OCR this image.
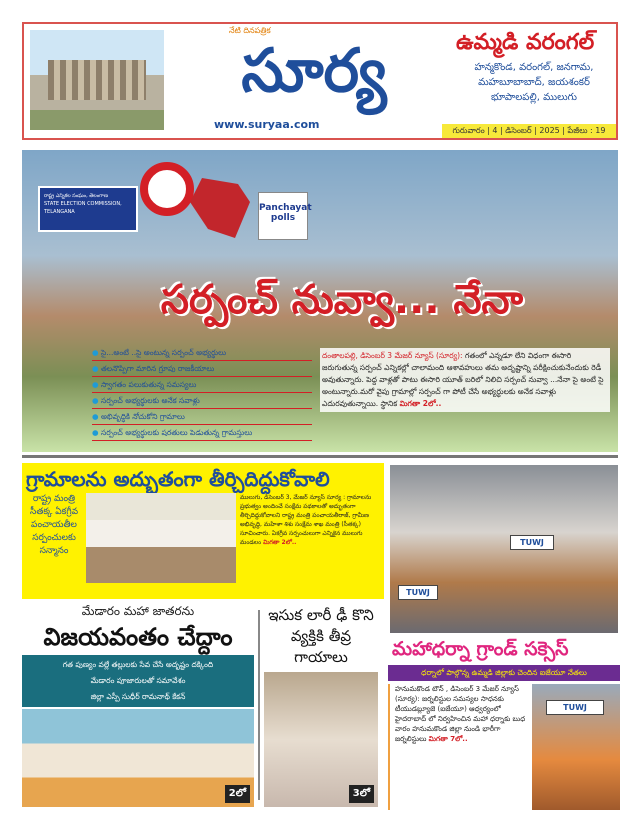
నేటి దినపత్రిక
సూర్య
www.suryaa.com
ఉమ్మడి వరంగల్
హన్మకొండ, వరంగల్, జనగామ, మహబూబాబాద్, జయశంకర్ భూపాలపల్లి, ములుగు
గురువారం | 4 | డిసెంబర్ | 2025 | పేజీలు : 19
రాష్ట్ర ఎన్నికల సంఘం, తెలంగాణ
STATE ELECTION COMMISSION, TELANGANA	Panchayat polls
సర్పంచ్ నువ్వా... నేనా
● సై...అంటే ..సై అంటున్న సర్పంచ్ అభ్యర్థులు
● తలనొప్పిగా మారిన గ్రూపు రాజకీయాలు
● స్వాగతం పలుకుతున్న సమస్యలు
● సర్పంచ్ అభ్యర్థులకు అనేక సవాళ్లు
● అభివృద్ధికి నోచుకోని గ్రామాలు
● సర్పంచ్ అభ్యర్థులకు షరతులు పెడుతున్న గ్రామస్తులు
దంతాలపల్లి, డిసెంబర్ 3 మేజర్ న్యూస్ (సూర్య): గతంలో ఎన్నడూ లేని విధంగా ఈసారి జరుగుతున్న సర్పంచ్ ఎన్నికల్లో చాలామంది ఆశావహులు తమ అదృష్టాన్ని పరీక్షించుకునేందుకు రెడీ అవుతున్నారు. పెద్ద వాళ్లతో పాటు ఈసారి యూత్ బరిలో నిలిచి సర్పంచ్ నువ్వా ...నేనా సై అంటే సై అంటున్నారు.మరో వైపు గ్రామాల్లో సర్పంచ్ గా పోటీ చేసే అభ్యర్థులకు అనేక సవాళ్లు ఎదురవుతున్నాయి. స్థానిక మిగతా 2లో..
గ్రామాలను అద్భుతంగా తీర్చిదిద్దుకోవాలి
రాష్ట్ర మంత్రి సీతక్క ఏకగ్రీవ పంచాయతీల సర్పంచులకు సన్మానం
ములుగు, డిసెంబర్ 3, మేజర్ న్యూస్ సూర్య : గ్రామాలను ప్రభుత్వం అందించే సంక్షేమ పథకాలతో అద్భుతంగా తీర్చిదిద్దుకోవాలని రాష్ట్ర మంత్రి పంచాయతీరాజ్, గ్రామీణ అభివృద్ధి, మహిళా శిశు సంక్షేమ శాఖ మంత్రి (సీతక్క) సూచించారు. ఏకగ్రీవ సర్పంచులుగా ఎన్నికైన ములుగు మండలం మిగతా 2లో..	TUWJ
TUWJ
మేడారం మహా జాతరను
విజయవంతం చేద్దాం
గత పుణ్యం వల్లే తల్లులకు సేవ చేసే అదృష్టం దక్కింది
మేడారం పూజారులతో సమావేశం
జిల్లా ఎస్పీ సుధీర్ రామనాథ్ కేకన్
2లో
ఇసుక లారీ ఢీ కొని వ్యక్తికి తీవ్ర గాయాలు
3లో
మహాధర్నా గ్రాండ్ సక్సెస్
ధర్నాలో పాల్గొన్న ఉమ్మడి జిల్లాకు చెందిన ఐజేయూ నేతలు
హనుమకొండ టౌన్ , డిసెంబర్ 3 మేజర్ న్యూస్ (సూర్య): జర్నలిస్టుల సమస్యల సాధనకు టీయుడబ్ల్యూజె (ఐజేయూ) ఆధ్వర్యంలో హైదరాబాద్ లో నిర్వహించిన మహా ధర్నాకు బుధ వారం హనుమకొండ జిల్లా నుండి భారీగా జర్నలిస్టులు మిగతా 7లో..
TUWJ
